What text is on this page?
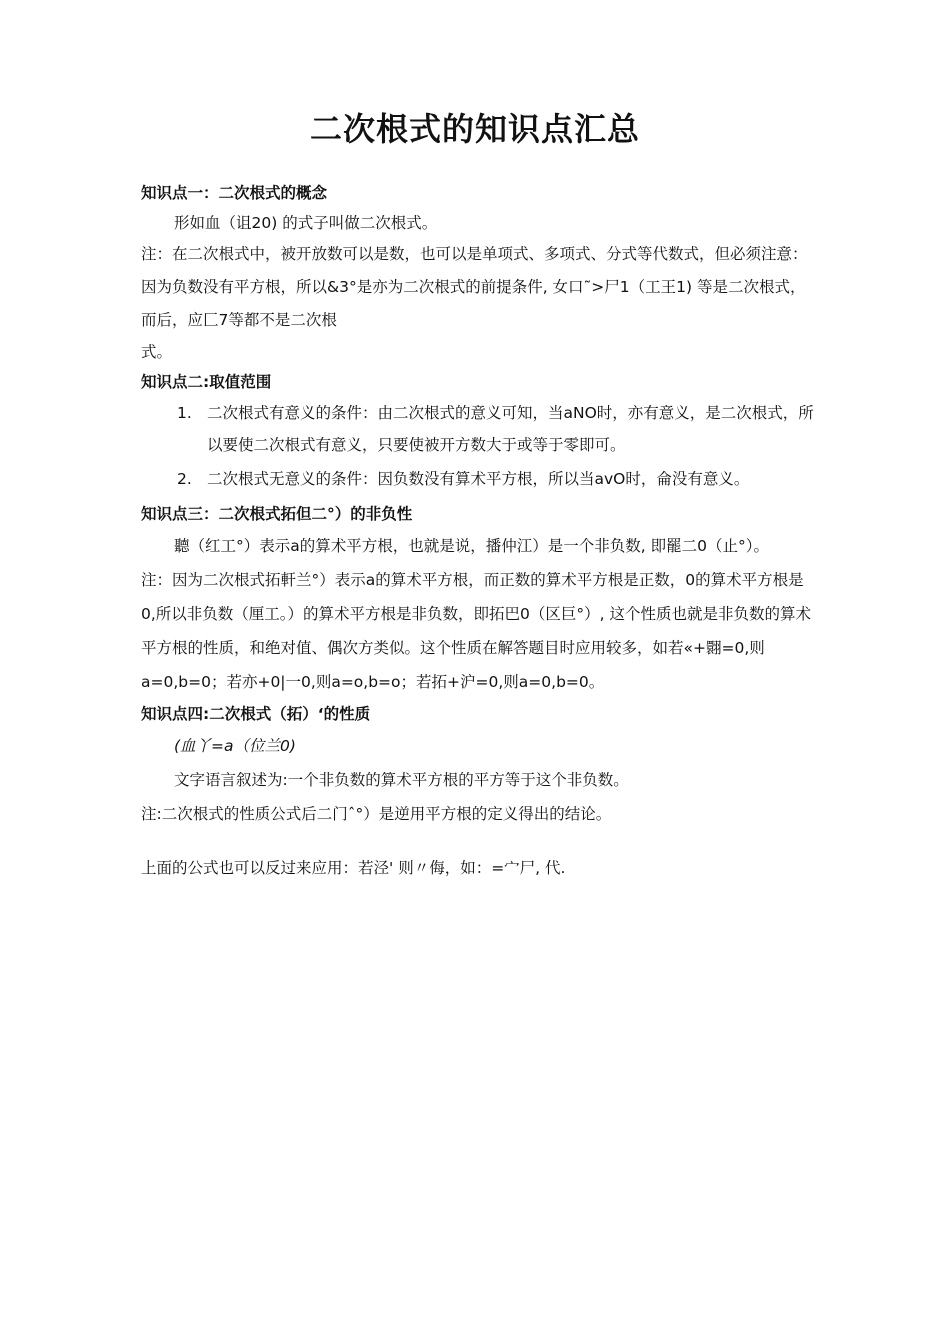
二次根式的知识点汇总

知识点一：二次根式的概念

形如血（诅20) 的式子叫做二次根式。

注：在二次根式中，被开放数可以是数，也可以是单项式、多项式、分式等代数式，但必须注意：因为负数没有平方根，所以&3°是亦为二次根式的前提条件, 女口˜>尸1（工王1) 等是二次根式，而后，应匚7等都不是二次根

式。

知识点二:取值范围

1. 二次根式有意义的条件：由二次根式的意义可知，当aNO时，亦有意义，是二次根式，所以要使二次根式有意义，只要使被开方数大于或等于零即可。
2. 二次根式无意义的条件：因负数没有算术平方根，所以当avO时，侖没有意义。

知识点三：二次根式拓但二°）的非负性

聽（红工°）表示a的算术平方根，也就是说，播仲江）是一个非负数, 即罷二0（止°）。

注：因为二次根式拓軒兰°）表示a的算术平方根，而正数的算术平方根是正数，0的算术平方根是0,所以非负数（厘工。）的算术平方根是非负数，即拓巴0（区巨°）, 这个性质也就是非负数的算术平方根的性质，和绝对值、偶次方类似。这个性质在解答题目时应用较多，如若«+翾=0,则a=0,b=0；若亦+0|一0,则a=o,b=o；若拓+沪=0,则a=0,b=0。

知识点四:二次根式（拓）‘的性质

(血丫=a（位兰0)

文字语言叙述为:一个非负数的算术平方根的平方等于这个非负数。

注:二次根式的性质公式后二门ˆ°）是逆用平方根的定义得出的结论。

上面的公式也可以反过来应用：若泾' 则〃侮，如：=宀尸, 代.
